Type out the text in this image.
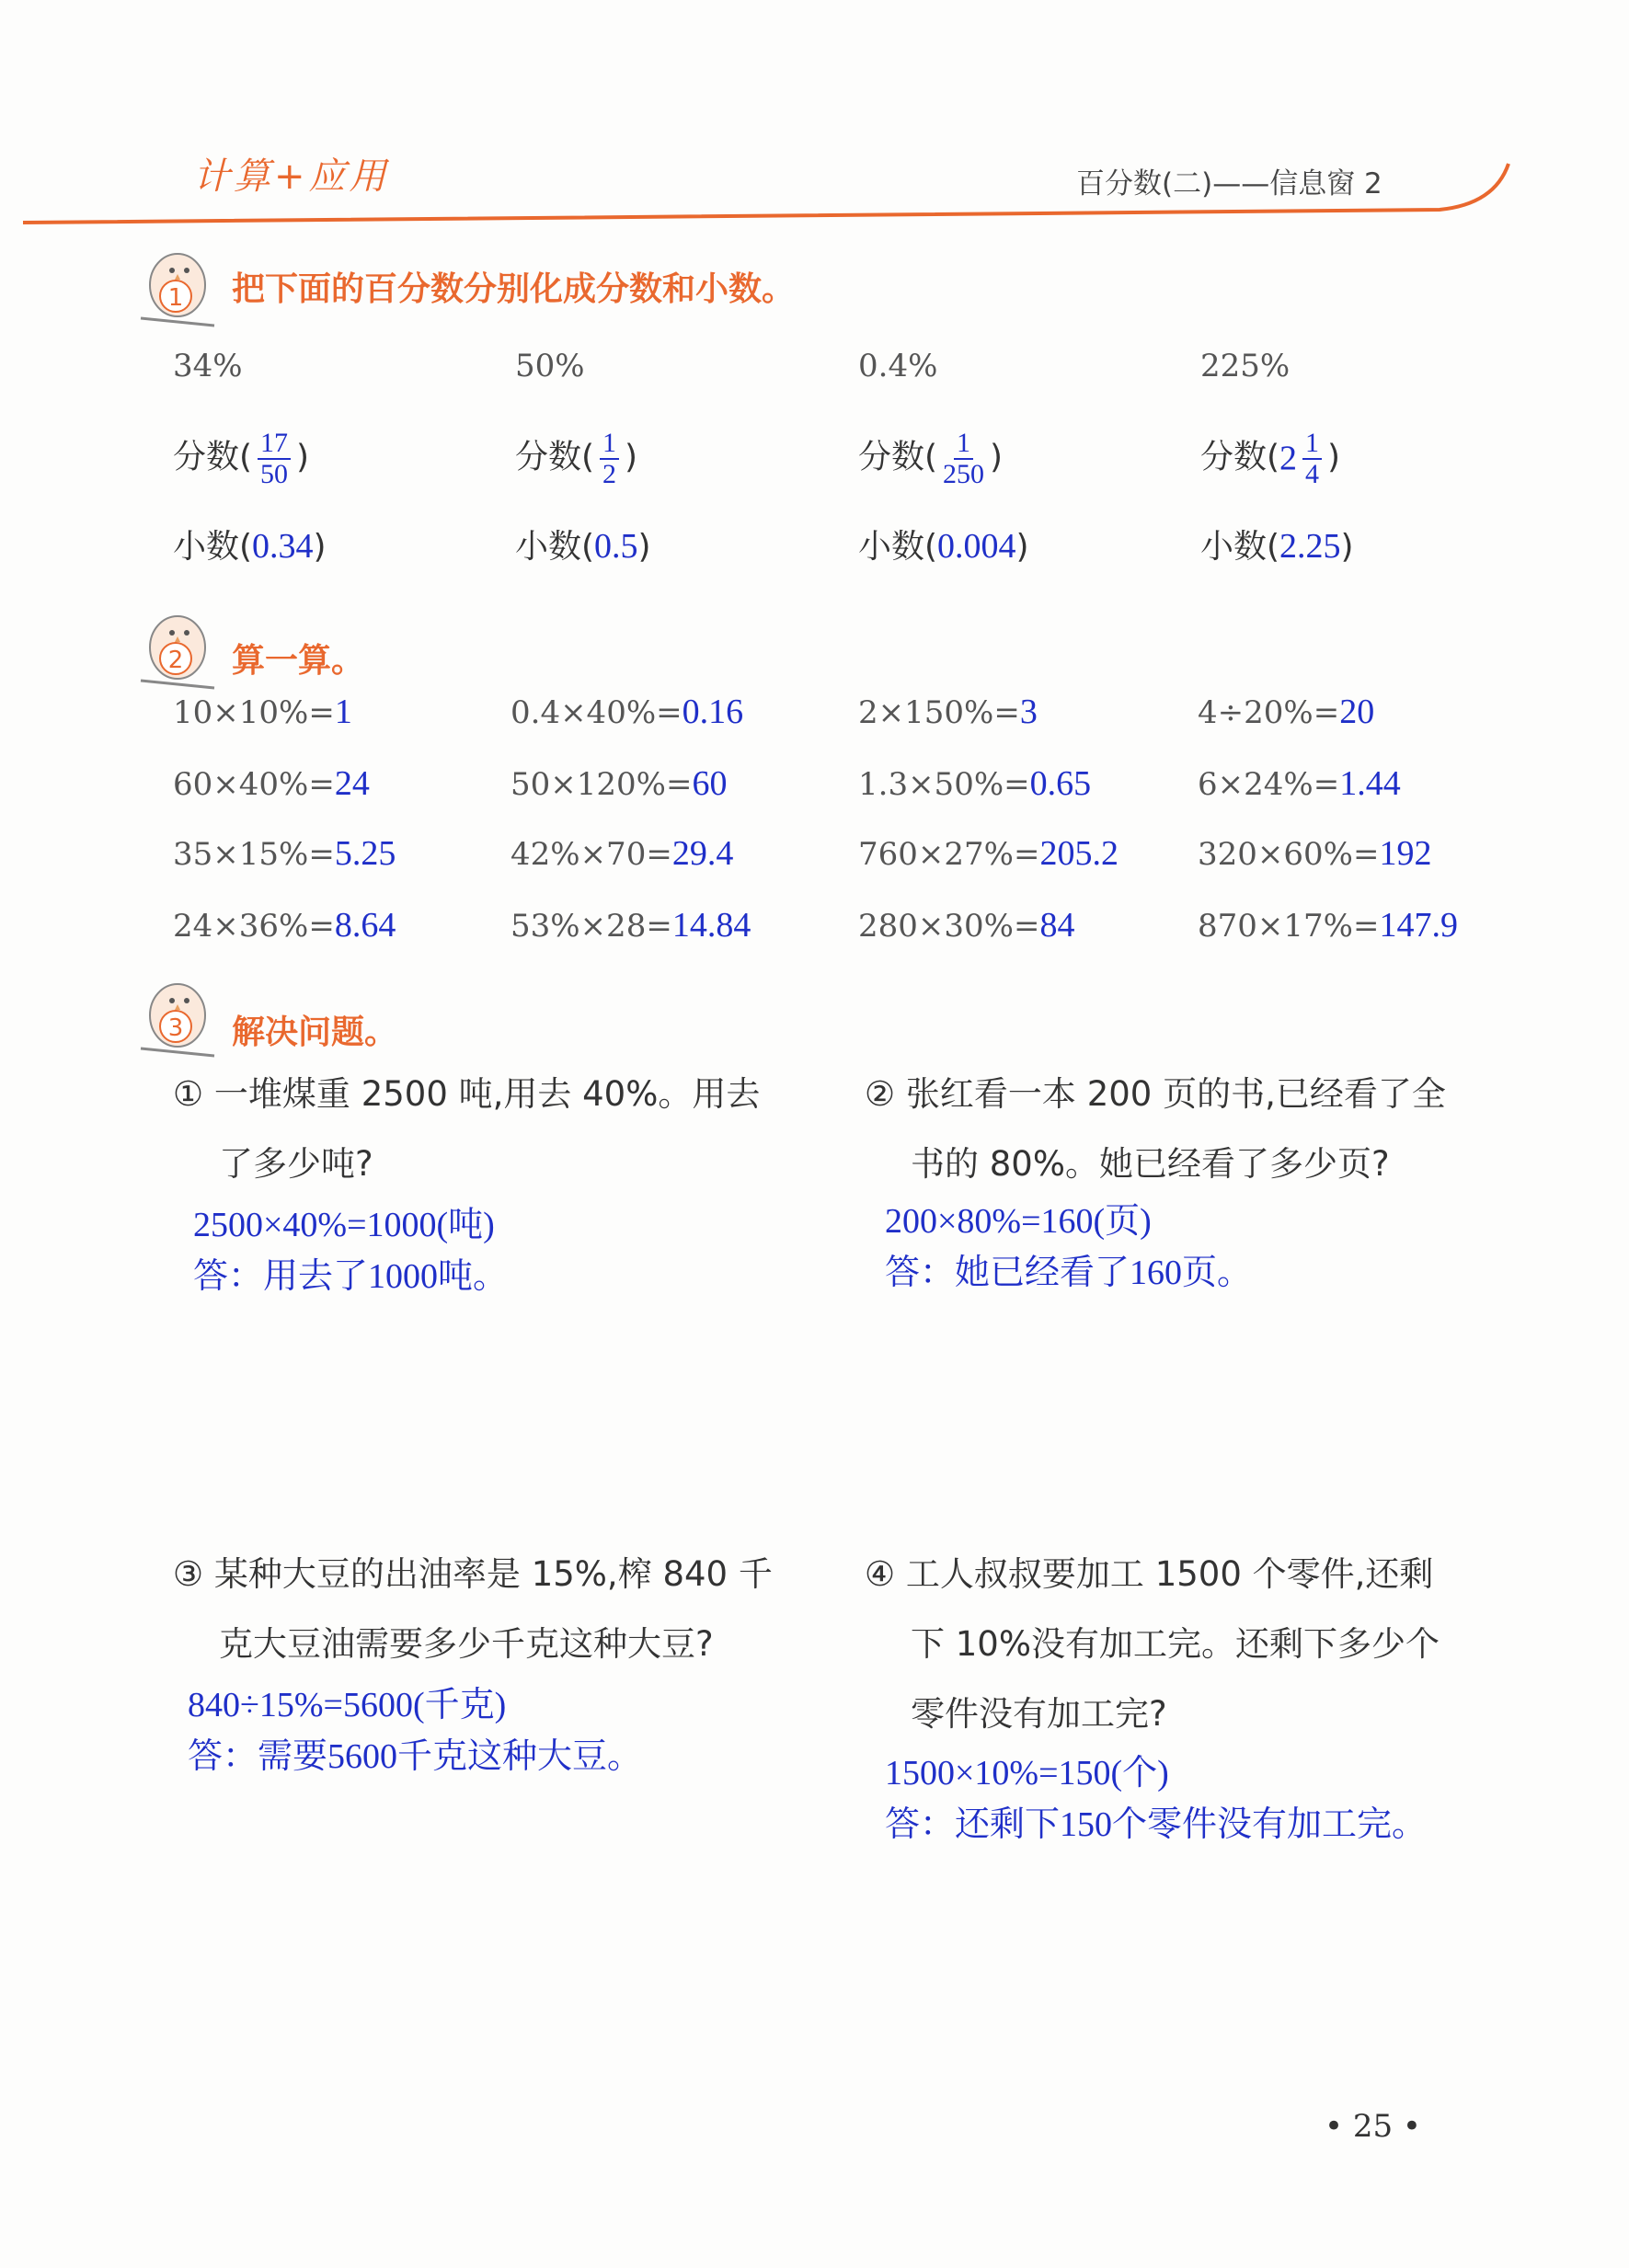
计算+应用	百分数(二)——信息窗 2
1 把下面的百分数分别化成分数和小数。
34%	50%	0.4%	225%
分数( $\frac{17}{50}$ )	分数( $\frac{1}{2}$ )	分数( $\frac{1}{250}$ )	分数($2 \frac{1}{4}$ )
小数(0.34)	小数(0.5)	小数(0.004)	小数(2.25)
2 算一算。
10×10%=1	0.4×40%=0.16	2×150%=3	4÷20%=20
60×40%=24	50×120%=60	1.3×50%=0.65	6×24%=1.44
35×15%=5.25	42%×70=29.4	760×27%=205.2	320×60%=192
24×36%=8.64	53%×28=14.84	280×30%=84	870×17%=147.9
3 解决问题。
① 一堆煤重 2500 吨,用去 40%。用去
了多少吨?
2500×40%=1000(吨)
答：用去了1000吨。
② 张红看一本 200 页的书,已经看了全
书的 80%。她已经看了多少页?
200×80%=160(页)
答：她已经看了160页。
③ 某种大豆的出油率是 15%,榨 840 千
克大豆油需要多少千克这种大豆?
840÷15%=5600(千克)
答：需要5600千克这种大豆。
④ 工人叔叔要加工 1500 个零件,还剩
下 10%没有加工完。还剩下多少个
零件没有加工完?
1500×10%=150(个)
答：还剩下150个零件没有加工完。
• 25 •
